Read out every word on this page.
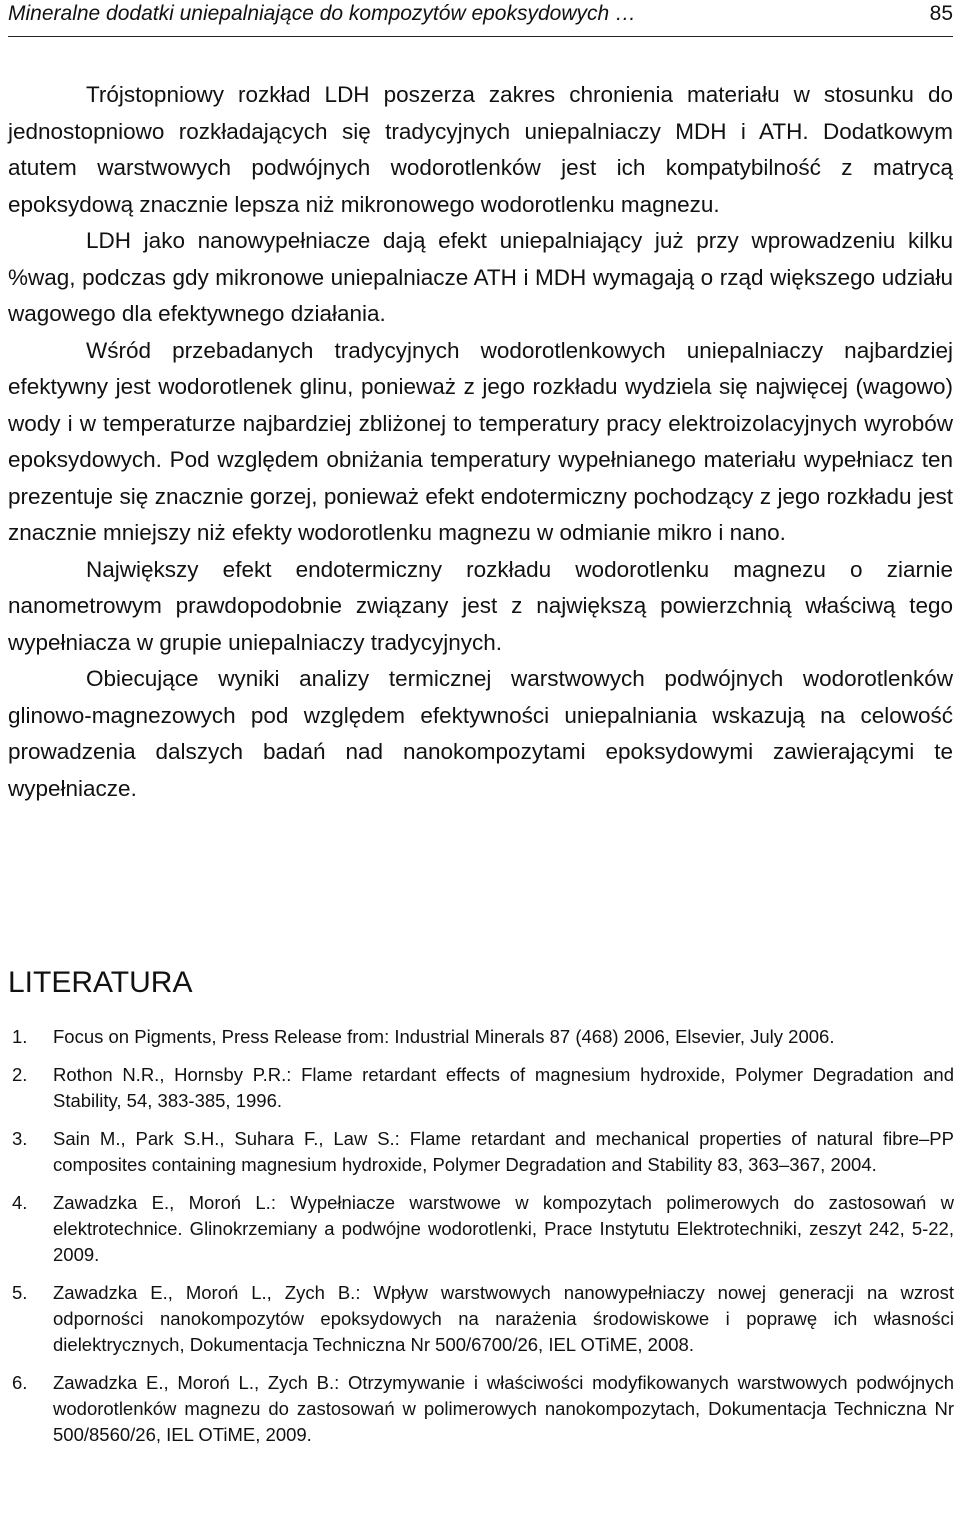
Mineralne dodatki uniepalniające do kompozytów epoksydowych …	85

Trójstopniowy rozkład LDH poszerza zakres chronienia materiału w stosunku do jednostopniowo rozkładających się tradycyjnych uniepalniaczy MDH i ATH. Dodatkowym atutem warstwowych podwójnych wodorotlenków jest ich kompatybilność z matrycą epoksydową znacznie lepsza niż mikronowego wodorotlenku magnezu.

LDH jako nanowypełniacze dają efekt uniepalniający już przy wprowadzeniu kilku %wag, podczas gdy mikronowe uniepalniacze ATH i MDH wymagają o rząd większego udziału wagowego dla efektywnego działania.

Wśród przebadanych tradycyjnych wodorotlenkowych uniepalniaczy najbardziej efektywny jest wodorotlenek glinu, ponieważ z jego rozkładu wydziela się najwięcej (wagowo) wody i w temperaturze najbardziej zbliżonej to temperatury pracy elektroizolacyjnych wyrobów epoksydowych. Pod względem obniżania temperatury wypełnianego materiału wypełniacz ten prezentuje się znacznie gorzej, ponieważ efekt endotermiczny pochodzący z jego rozkładu jest znacznie mniejszy niż efekty wodorotlenku magnezu w odmianie mikro i nano.

Największy efekt endotermiczny rozkładu wodorotlenku magnezu o ziarnie nanometrowym prawdopodobnie związany jest z największą powierzchnią właściwą tego wypełniacza w grupie uniepalniaczy tradycyjnych.

Obiecujące wyniki analizy termicznej warstwowych podwójnych wodorotlenków glinowo-magnezowych pod względem efektywności uniepalniania wskazują na celowość prowadzenia dalszych badań nad nanokompozytami epoksydowymi zawierającymi te wypełniacze.

LITERATURA
1. Focus on Pigments, Press Release from: Industrial Minerals 87 (468) 2006, Elsevier, July 2006.
2. Rothon N.R., Hornsby P.R.: Flame retardant effects of magnesium hydroxide, Polymer Degradation and Stability, 54, 383-385, 1996.
3. Sain M., Park S.H., Suhara F., Law S.: Flame retardant and mechanical properties of natural fibre–PP composites containing magnesium hydroxide, Polymer Degradation and Stability 83, 363–367, 2004.
4. Zawadzka E., Moroń L.: Wypełniacze warstwowe w kompozytach polimerowych do zastosowań w elektrotechnice. Glinokrzemiany a podwójne wodorotlenki, Prace Instytutu Elektrotechniki, zeszyt 242, 5-22, 2009.
5. Zawadzka E., Moroń L., Zych B.: Wpływ warstwowych nanowypełniaczy nowej generacji na wzrost odporności nanokompozytów epoksydowych na narażenia środowiskowe i poprawę ich własności dielektrycznych, Dokumentacja Techniczna Nr 500/6700/26, IEL OTiME, 2008.
6. Zawadzka E., Moroń L., Zych B.: Otrzymywanie i właściwości modyfikowanych warstwowych podwójnych wodorotlenków magnezu do zastosowań w polimerowych nanokompozytach, Dokumentacja Techniczna Nr 500/8560/26, IEL OTiME, 2009.
